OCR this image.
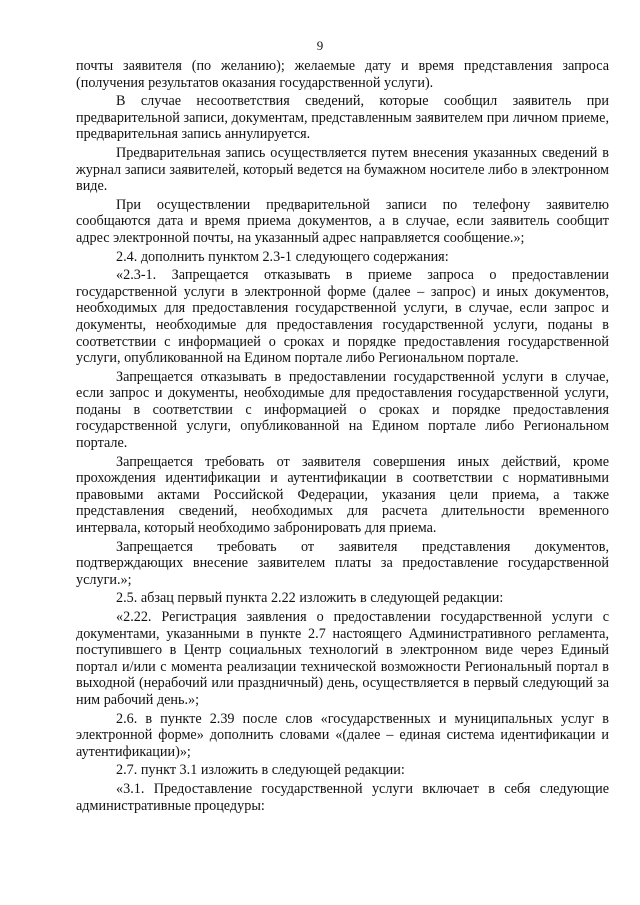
9

почты заявителя (по желанию); желаемые дату и время представления запроса (получения результатов оказания государственной услуги).

В случае несоответствия сведений, которые сообщил заявитель при предварительной записи, документам, представленным заявителем при личном приеме, предварительная запись аннулируется.

Предварительная запись осуществляется путем внесения указанных сведений в журнал записи заявителей, который ведется на бумажном носителе либо в электронном виде.

При осуществлении предварительной записи по телефону заявителю сообщаются дата и время приема документов, а в случае, если заявитель сообщит адрес электронной почты, на указанный адрес направляется сообщение.»;

2.4. дополнить пунктом 2.3-1 следующего содержания:

«2.3-1. Запрещается отказывать в приеме запроса о предоставлении государственной услуги в электронной форме (далее – запрос) и иных документов, необходимых для предоставления государственной услуги, в случае, если запрос и документы, необходимые для предоставления государственной услуги, поданы в соответствии с информацией о сроках и порядке предоставления государственной услуги, опубликованной на Едином портале либо Региональном портале.

Запрещается отказывать в предоставлении государственной услуги в случае, если запрос и документы, необходимые для предоставления государственной услуги, поданы в соответствии с информацией о сроках и порядке предоставления государственной услуги, опубликованной на Едином портале либо Региональном портале.

Запрещается требовать от заявителя совершения иных действий, кроме прохождения идентификации и аутентификации в соответствии с нормативными правовыми актами Российской Федерации, указания цели приема, а также представления сведений, необходимых для расчета длительности временного интервала, который необходимо забронировать для приема.

Запрещается требовать от заявителя представления документов, подтверждающих внесение заявителем платы за предоставление государственной услуги.»;

2.5. абзац первый пункта 2.22 изложить в следующей редакции:

«2.22. Регистрация заявления о предоставлении государственной услуги с документами, указанными в пункте 2.7 настоящего Административного регламента, поступившего в Центр социальных технологий в электронном виде через Единый портал и/или с момента реализации технической возможности Региональный портал в выходной (нерабочий или праздничный) день, осуществляется в первый следующий за ним рабочий день.»;

2.6. в пункте 2.39 после слов «государственных и муниципальных услуг в электронной форме» дополнить словами «(далее – единая система идентификации и аутентификации)»;

2.7. пункт 3.1 изложить в следующей редакции:

«3.1. Предоставление государственной услуги включает в себя следующие административные процедуры:
